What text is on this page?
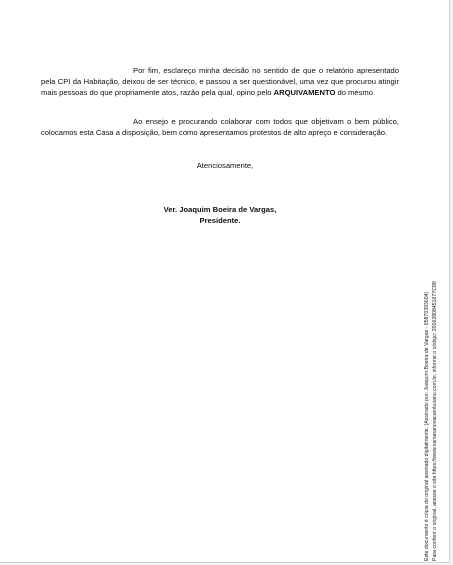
Por fim, esclareço minha decisão no sentido de que o relatório apresentado pela CPI da Habitação, deixou de ser técnico, e passou a ser questionável, uma vez que procurou atingir mais pessoas do que propriamente atos, razão pela qual, opino pelo ARQUIVAMENTO do mesmo.
Ao ensejo e procurando colaborar com todos que objetivam o bem público, colocamos esta Casa a disposição, bem como apresentamos protestos de alto apreço e consideração.
Atenciosamente,
Ver. Joaquim Boeira de Vargas,
Presidente.
Este documento é cópia do original assinado digitalmente. (Assinado por: Joaquim Boeira de Vargas - 05870393604) Para conferir o original, acesse o site https://www.camaranovacambuianu.com.br, informe o código: 20062808451677C89
